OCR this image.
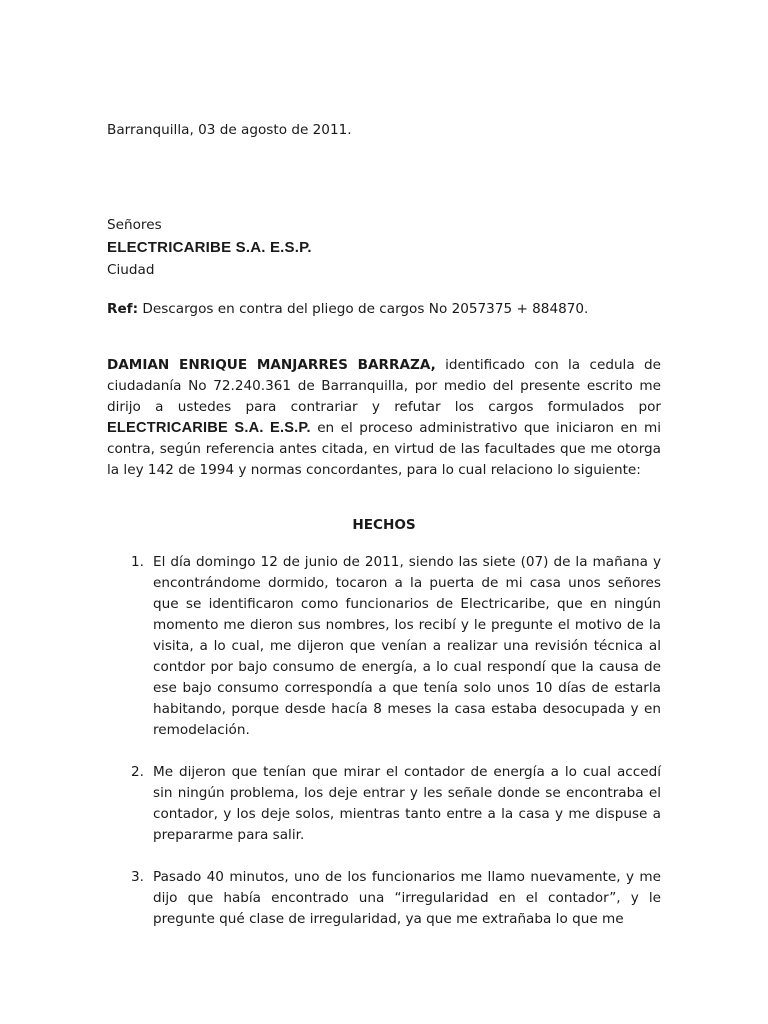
Barranquilla, 03 de agosto de 2011.
Señores
ELECTRICARIBE S.A. E.S.P.
Ciudad
Ref: Descargos en contra del pliego de cargos No 2057375 + 884870.
DAMIAN ENRIQUE MANJARRES BARRAZA, identificado con la cedula de ciudadanía No 72.240.361 de Barranquilla, por medio del presente escrito me dirijo a ustedes para contrariar y refutar los cargos formulados por ELECTRICARIBE S.A. E.S.P. en el proceso administrativo que iniciaron en mi contra, según referencia antes citada, en virtud de las facultades que me otorga la ley 142 de 1994 y normas concordantes, para lo cual relaciono lo siguiente:
HECHOS
1. El día domingo 12 de junio de 2011, siendo las siete (07) de la mañana y encontrándome dormido, tocaron a la puerta de mi casa unos señores que se identificaron como funcionarios de Electricaribe, que en ningún momento me dieron sus nombres, los recibí y le pregunte el motivo de la visita, a lo cual, me dijeron que venían a realizar una revisión técnica al contdor por bajo consumo de energía, a lo cual respondí que la causa de ese bajo consumo correspondía a que tenía solo unos 10 días de estarla habitando, porque desde hacía 8 meses la casa estaba desocupada y en remodelación.
2. Me dijeron que tenían que mirar el contador de energía a lo cual accedí sin ningún problema, los deje entrar y les señale donde se encontraba el contador, y los deje solos, mientras tanto entre a la casa y me dispuse a prepararme para salir.
3. Pasado 40 minutos, uno de los funcionarios me llamo nuevamente, y me dijo que había encontrado una “irregularidad en el contador”, y le pregunte qué clase de irregularidad, ya que me extrañaba lo que me
